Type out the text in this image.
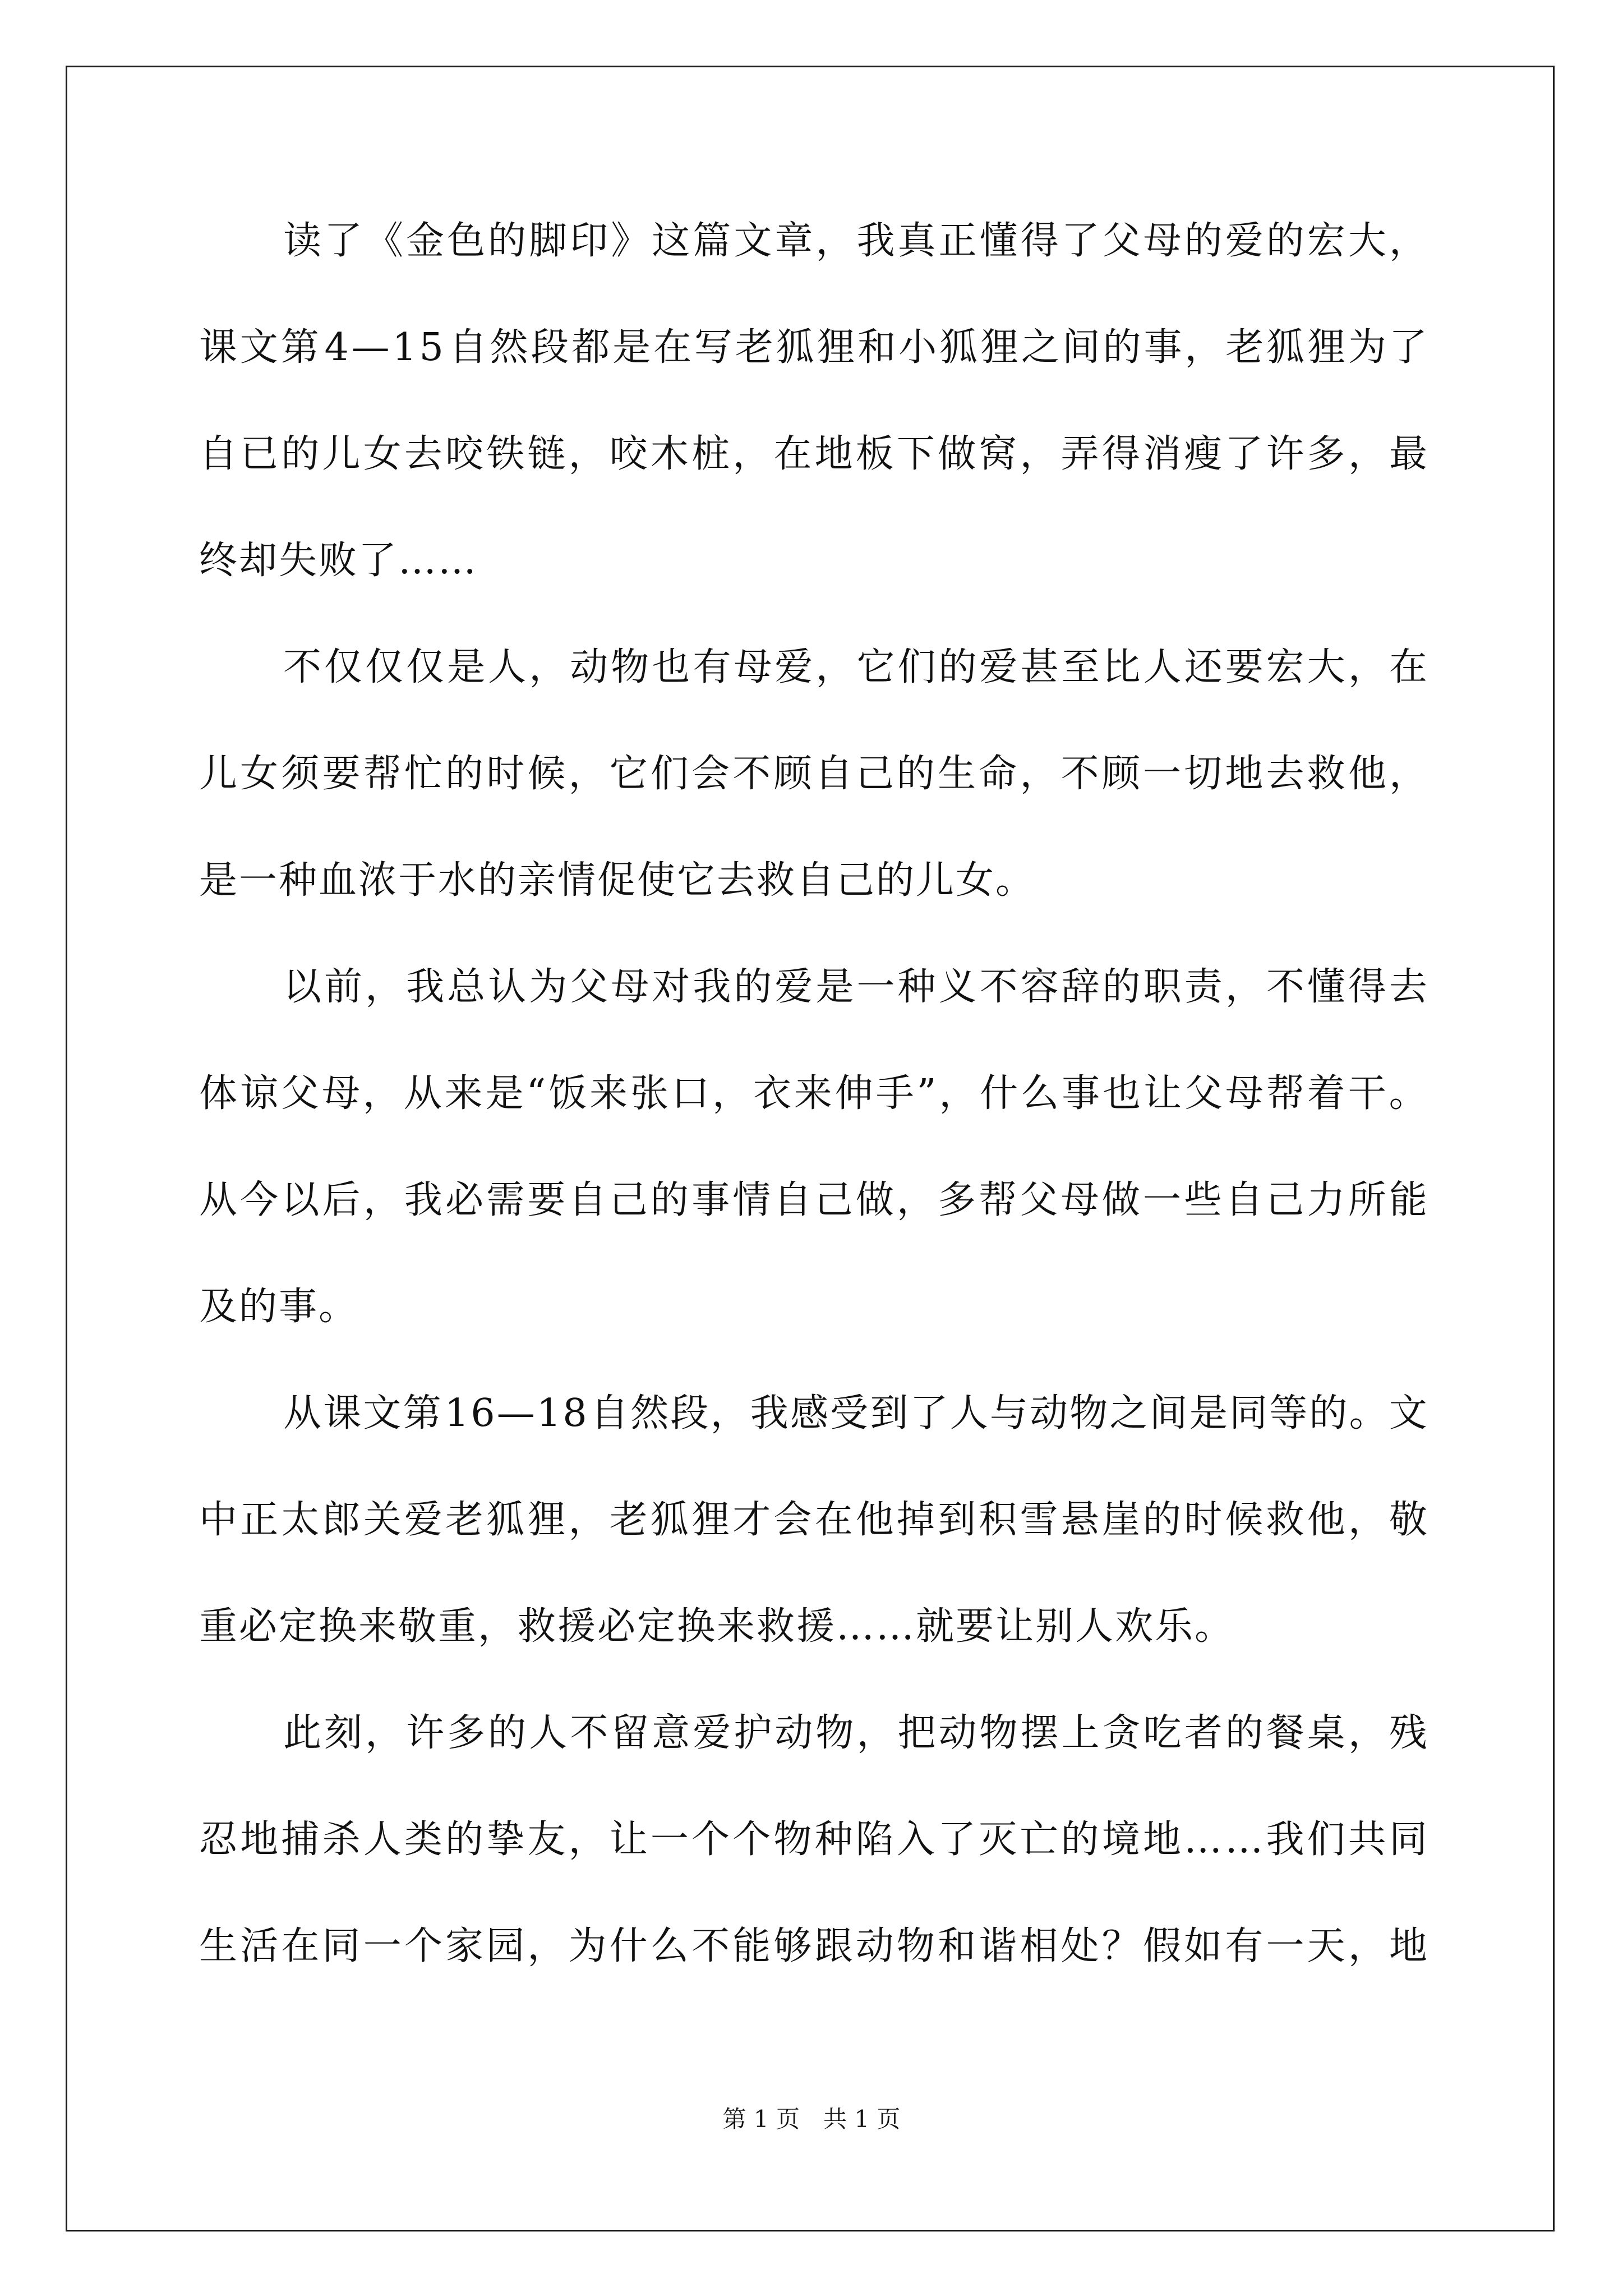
读 了 《 金 色 的 脚 印 》 这 篇 文 章 ， 我 真 正 懂 得 了 父 母 的 爱 的 宏 大 ，
课 文 第 4 — 1 5 自 然 段 都 是 在 写 老 狐 狸 和 小 狐 狸 之 间 的 事 ， 老 狐 狸 为 了
自 已 的 儿 女 去 咬 铁 链 ， 咬 木 桩 ， 在 地 板 下 做 窝 ， 弄 得 消 瘦 了 许 多 ， 最
终却失败了……
不 仅 仅 仅 是 人 ， 动 物 也 有 母 爱 ， 它 们 的 爱 甚 至 比 人 还 要 宏 大 ， 在
儿 女 须 要 帮 忙 的 时 候 ， 它 们 会 不 顾 自 己 的 生 命 ， 不 顾 一 切 地 去 救 他 ，
是一种血浓于水的亲情促使它去救自己的儿女。
以 前 ， 我 总 认 为 父 母 对 我 的 爱 是 一 种 义 不 容 辞 的 职 责 ， 不 懂 得 去
体 谅 父 母 ， 从 来 是 “ 饭 来 张 口 ， 衣 来 伸 手 ” ， 什 么 事 也 让 父 母 帮 着 干 。
从 今 以 后 ， 我 必 需 要 自 己 的 事 情 自 己 做 ， 多 帮 父 母 做 一 些 自 己 力 所 能
及的事。
从 课 文 第 1 6 — 1 8 自 然 段 ， 我 感 受 到 了 人 与 动 物 之 间 是 同 等 的 。 文
中 正 太 郎 关 爱 老 狐 狸 ， 老 狐 狸 才 会 在 他 掉 到 积 雪 悬 崖 的 时 候 救 他 ， 敬
重必定换来敬重，救援必定换来救援……就要让别人欢乐。
此 刻 ， 许 多 的 人 不 留 意 爱 护 动 物 ， 把 动 物 摆 上 贪 吃 者 的 餐 桌 ， 残
忍 地 捕 杀 人 类 的 挚 友 ， 让 一 个 个 物 种 陷 入 了 灭 亡 的 境 地 … … 我 们 共 同
生 活 在 同 一 个 家 园 ， 为 什 么 不 能 够 跟 动 物 和 谐 相 处 ？ 假 如 有 一 天 ， 地
第 1 页　共 1 页
